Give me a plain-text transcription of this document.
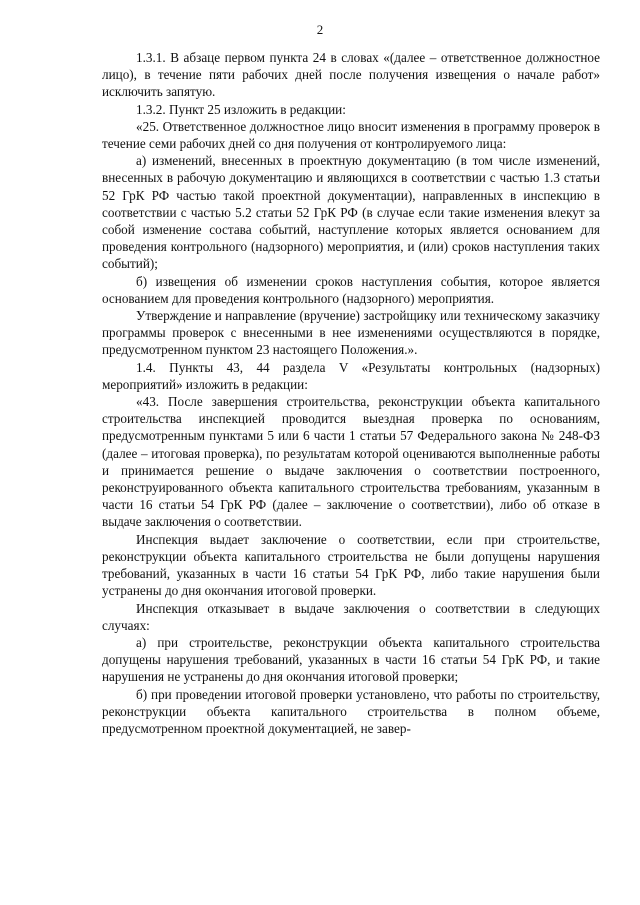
2

1.3.1. В абзаце первом пункта 24 в словах «(далее – ответственное должностное лицо), в течение пяти рабочих дней после получения извещения о начале работ» исключить запятую.

1.3.2. Пункт 25 изложить в редакции:

«25. Ответственное должностное лицо вносит изменения в программу проверок в течение семи рабочих дней со дня получения от контролируемого лица:

а) изменений, внесенных в проектную документацию (в том числе изменений, внесенных в рабочую документацию и являющихся в соответствии с частью 1.3 статьи 52 ГрК РФ частью такой проектной документации), направленных в инспекцию в соответствии с частью 5.2 статьи 52 ГрК РФ (в случае если такие изменения влекут за собой изменение состава событий, наступление которых является основанием для проведения контрольного (надзорного) мероприятия, и (или) сроков наступления таких событий);

б) извещения об изменении сроков наступления события, которое является основанием для проведения контрольного (надзорного) мероприятия.

Утверждение и направление (вручение) застройщику или техническому заказчику программы проверок с внесенными в нее изменениями осуществляются в порядке, предусмотренном пунктом 23 настоящего Положения.».

1.4. Пункты 43, 44 раздела V «Результаты контрольных (надзорных) мероприятий» изложить в редакции:

«43. После завершения строительства, реконструкции объекта капитального строительства инспекцией проводится выездная проверка по основаниям, предусмотренным пунктами 5 или 6 части 1 статьи 57 Федерального закона № 248-ФЗ (далее – итоговая проверка), по результатам которой оцениваются выполненные работы и принимается решение о выдаче заключения о соответствии построенного, реконструированного объекта капитального строительства требованиям, указанным в части 16 статьи 54 ГрК РФ (далее – заключение о соответствии), либо об отказе в выдаче заключения о соответствии.

Инспекция выдает заключение о соответствии, если при строительстве, реконструкции объекта капитального строительства не были допущены нарушения требований, указанных в части 16 статьи 54 ГрК РФ, либо такие нарушения были устранены до дня окончания итоговой проверки.

Инспекция отказывает в выдаче заключения о соответствии в следующих случаях:

а) при строительстве, реконструкции объекта капитального строительства допущены нарушения требований, указанных в части 16 статьи 54 ГрК РФ, и такие нарушения не устранены до дня окончания итоговой проверки;

б) при проведении итоговой проверки установлено, что работы по строительству, реконструкции объекта капитального строительства в полном объеме, предусмотренном проектной документацией, не завер-
